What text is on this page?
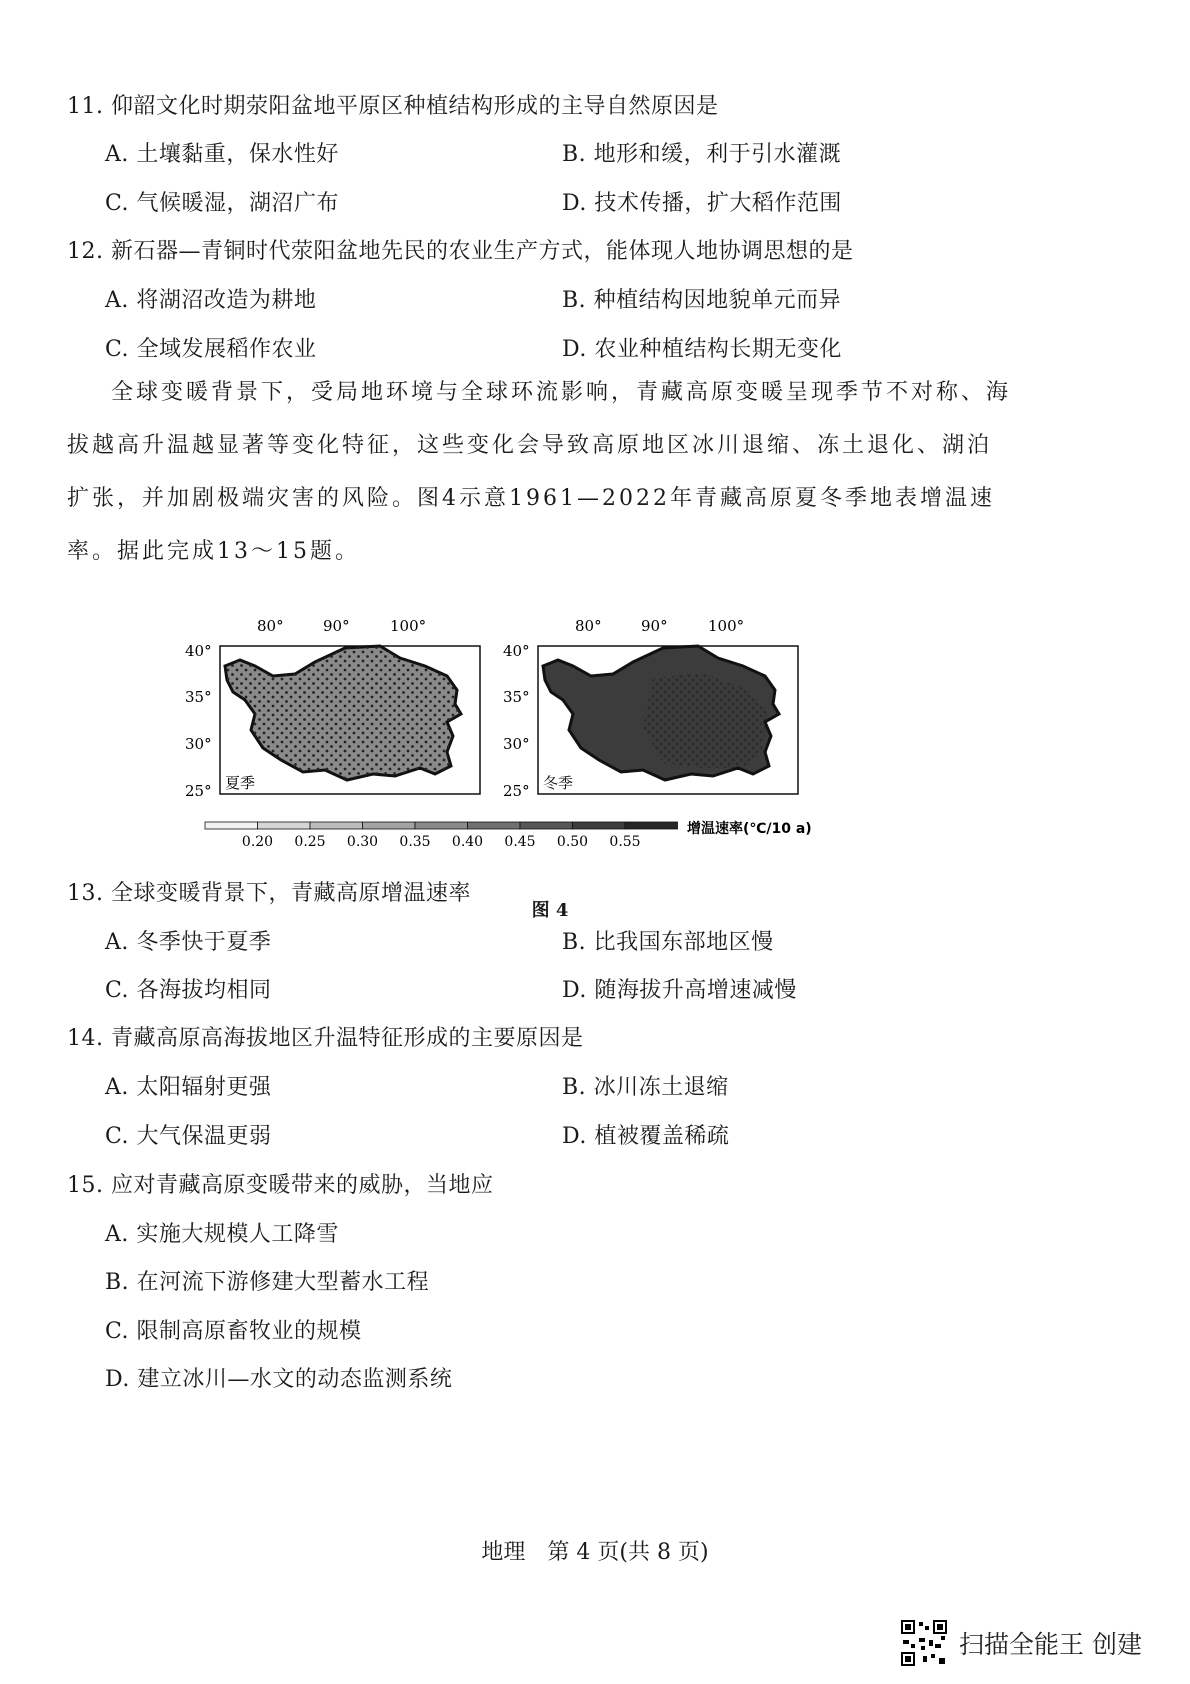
11. 仰韶文化时期荥阳盆地平原区种植结构形成的主导自然原因是
A. 土壤黏重，保水性好	B. 地形和缓，利于引水灌溉
C. 气候暖湿，湖沼广布	D. 技术传播，扩大稻作范围
12. 新石器—青铜时代荥阳盆地先民的农业生产方式，能体现人地协调思想的是
A. 将湖沼改造为耕地	B. 种植结构因地貌单元而异
C. 全域发展稻作农业	D. 农业种植结构长期无变化
全球变暖背景下，受局地环境与全球环流影响，青藏高原变暖呈现季节不对称、海拔越高升温越显著等变化特征，这些变化会导致高原地区冰川退缩、冻土退化、湖泊扩张，并加剧极端灾害的风险。图4示意1961—2022年青藏高原夏冬季地表增温速率。据此完成13～15题。
80°	90°	100°
40°
35°
30°
25° 夏季
80°	90°	100°
40°
35°
30°
25° 冬季
增温速率(℃/10 a)
0.20 0.25 0.30 0.35 0.40 0.45 0.50 0.55
图 4
13. 全球变暖背景下，青藏高原增温速率
A. 冬季快于夏季	B. 比我国东部地区慢
C. 各海拔均相同	D. 随海拔升高增速减慢
14. 青藏高原高海拔地区升温特征形成的主要原因是
A. 太阳辐射更强	B. 冰川冻土退缩
C. 大气保温更弱	D. 植被覆盖稀疏
15. 应对青藏高原变暖带来的威胁，当地应
A. 实施大规模人工降雪
B. 在河流下游修建大型蓄水工程
C. 限制高原畜牧业的规模
D. 建立冰川—水文的动态监测系统
地理　第 4 页(共 8 页)
扫描全能王 创建
